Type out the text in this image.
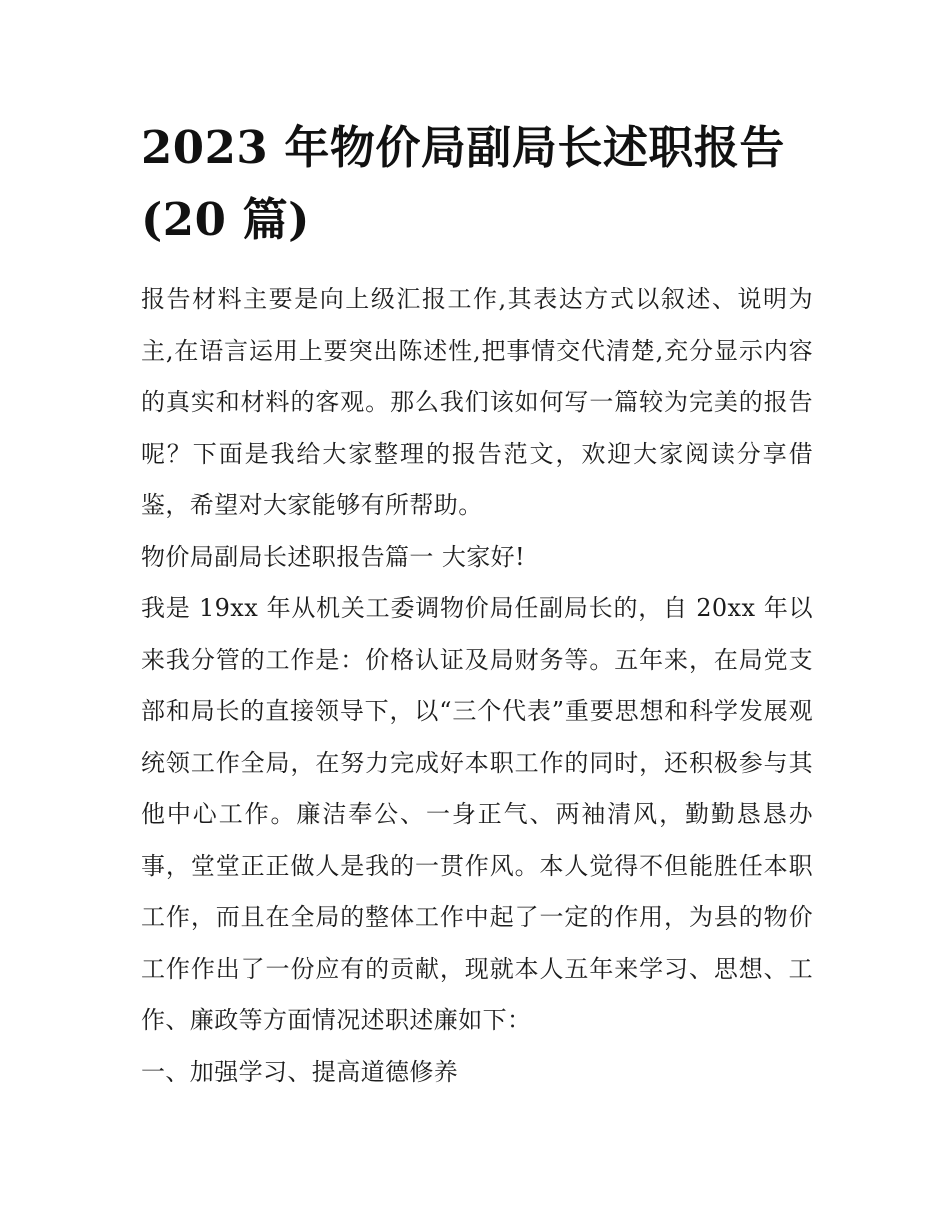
2023 年物价局副局长述职报告(20 篇)

报告材料主要是向上级汇报工作,其表达方式以叙述、说明为主,在语言运用上要突出陈述性,把事情交代清楚,充分显示内容的真实和材料的客观。那么我们该如何写一篇较为完美的报告呢？下面是我给大家整理的报告范文，欢迎大家阅读分享借鉴，希望对大家能够有所帮助。

物价局副局长述职报告篇一 大家好!

我是 19xx 年从机关工委调物价局任副局长的，自 20xx 年以来我分管的工作是：价格认证及局财务等。五年来，在局党支部和局长的直接领导下，以“三个代表”重要思想和科学发展观统领工作全局，在努力完成好本职工作的同时，还积极参与其他中心工作。廉洁奉公、一身正气、两袖清风，勤勤恳恳办事，堂堂正正做人是我的一贯作风。本人觉得不但能胜任本职工作，而且在全局的整体工作中起了一定的作用，为县的物价工作作出了一份应有的贡献，现就本人五年来学习、思想、工作、廉政等方面情况述职述廉如下：

一、加强学习、提高道德修养
